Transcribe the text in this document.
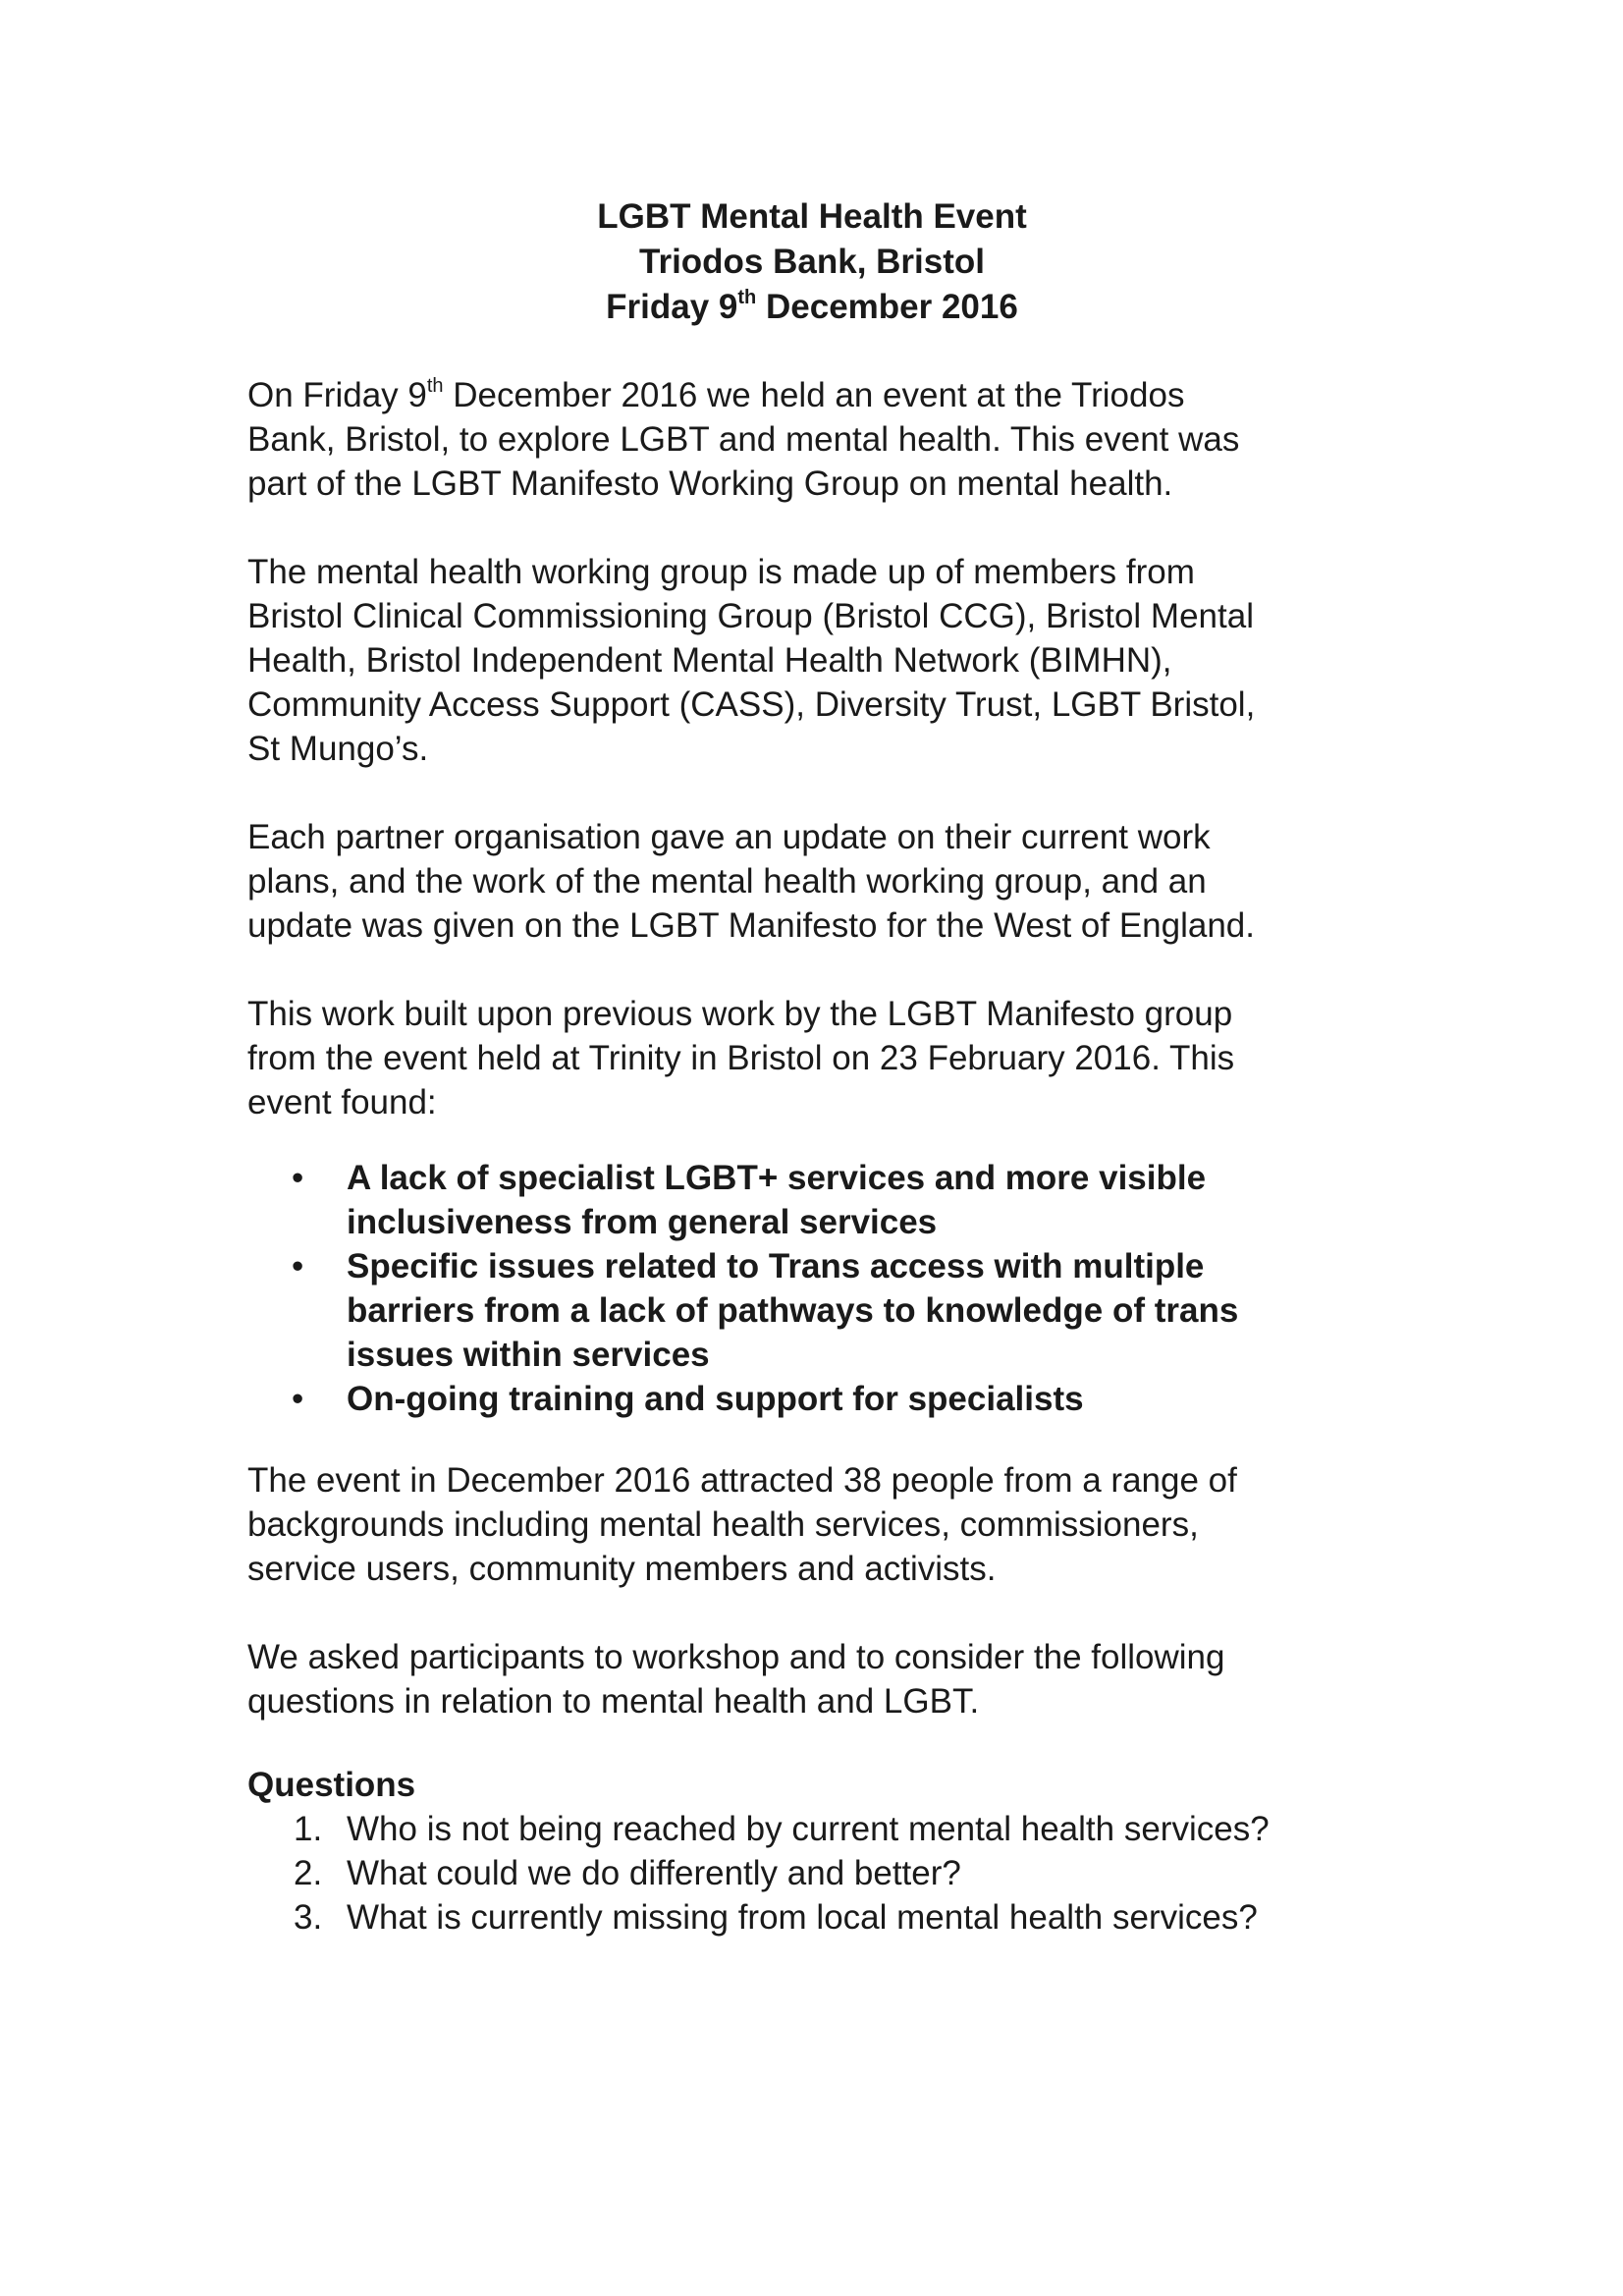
LGBT Mental Health Event
Triodos Bank, Bristol
Friday 9th December 2016

On Friday 9th December 2016 we held an event at the Triodos
Bank, Bristol, to explore LGBT and mental health. This event was
part of the LGBT Manifesto Working Group on mental health.

The mental health working group is made up of members from
Bristol Clinical Commissioning Group (Bristol CCG), Bristol Mental
Health, Bristol Independent Mental Health Network (BIMHN),
Community Access Support (CASS), Diversity Trust, LGBT Bristol,
St Mungo’s.

Each partner organisation gave an update on their current work
plans, and the work of the mental health working group, and an
update was given on the LGBT Manifesto for the West of England.

This work built upon previous work by the LGBT Manifesto group
from the event held at Trinity in Bristol on 23 February 2016. This
event found:

• A lack of specialist LGBT+ services and more visible
inclusiveness from general services
• Specific issues related to Trans access with multiple
barriers from a lack of pathways to knowledge of trans
issues within services
• On-going training and support for specialists

The event in December 2016 attracted 38 people from a range of
backgrounds including mental health services, commissioners,
service users, community members and activists.

We asked participants to workshop and to consider the following
questions in relation to mental health and LGBT.

Questions
1. Who is not being reached by current mental health services?
2. What could we do differently and better?
3. What is currently missing from local mental health services?
